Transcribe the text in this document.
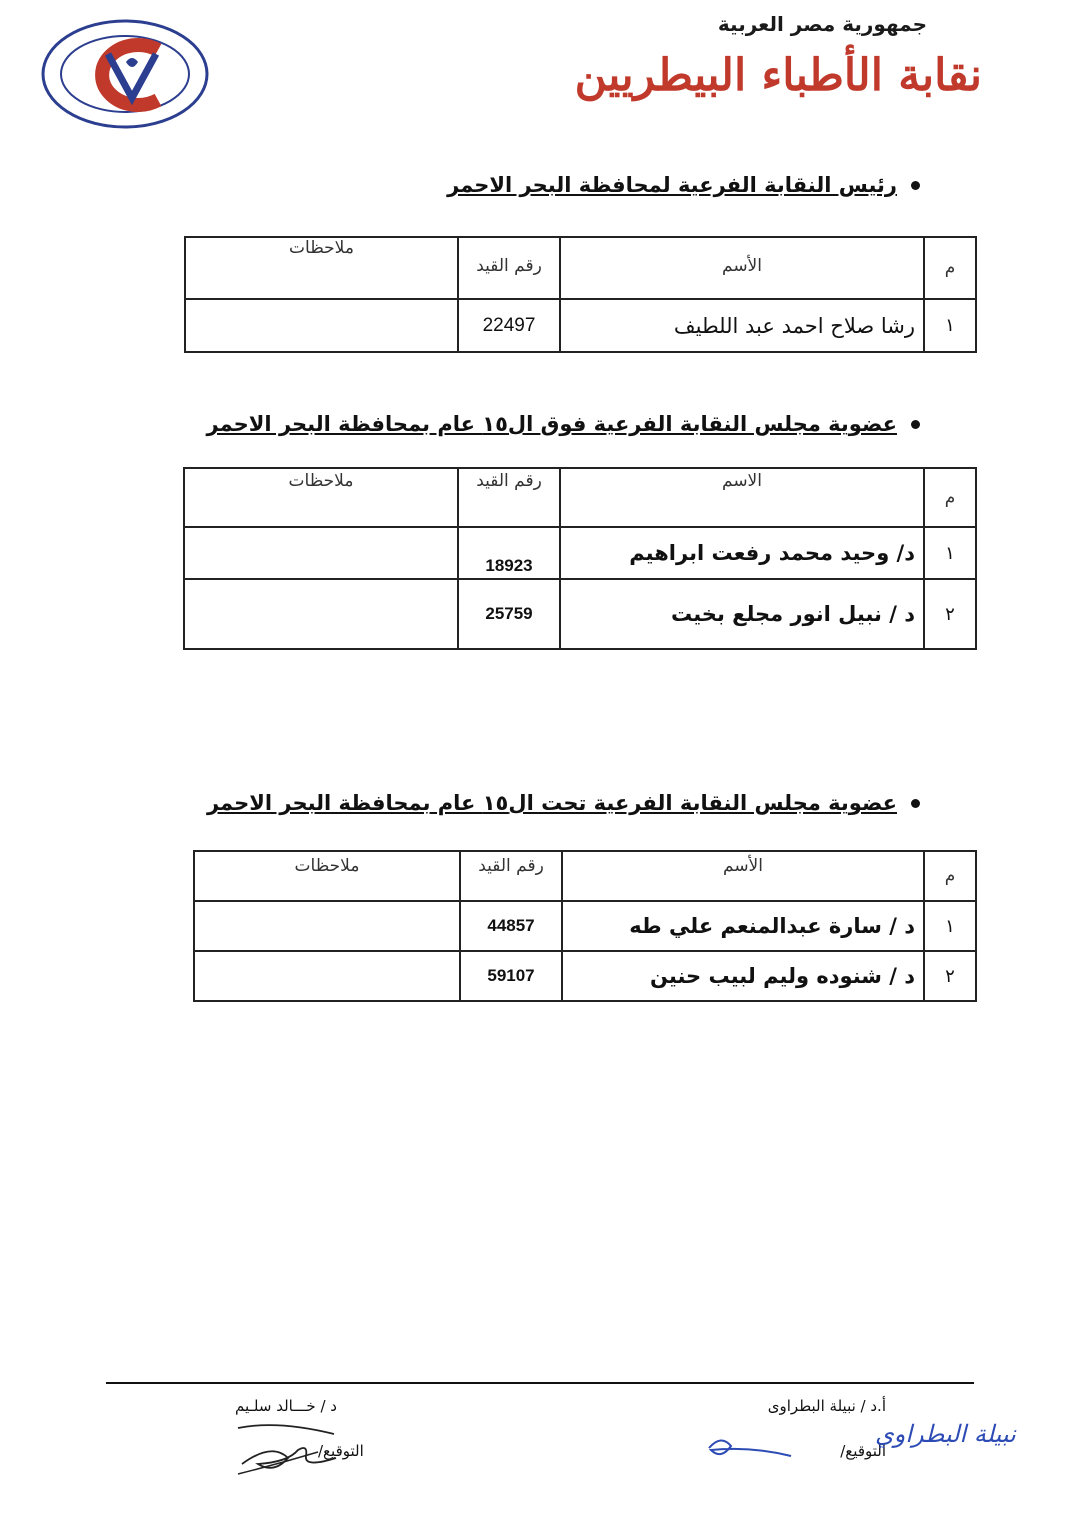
جمهورية مصر العربية
نقابة الأطباء البيطريين
رئيس النقابة الفرعية لمحافظة البحر الاحمر
م	الأسم	رقم القيد	ملاحظات
١	رشا صلاح احمد عبد اللطيف	22497	
عضوية مجلس النقابة الفرعية فوق ال١٥ عام بمحافظة البحر الاحمر
م	الاسم	رقم القيد	ملاحظات
١	د/ وحيد محمد رفعت ابراهيم	18923	
٢	د / نبيل انور مجلع بخيت	25759	
عضوية مجلس النقابة الفرعية تحت ال١٥ عام بمحافظة البحر الاحمر
م	الأسم	رقم القيد	ملاحظات
١	د / سارة عبدالمنعم علي طه	44857	
٢	د / شنوده وليم لبيب حنين	59107	
أ.د / نبيلة البطراوى
التوقيع/
نبيلة البطراوي
د / خـــالد سلـيم
التوقيع/
